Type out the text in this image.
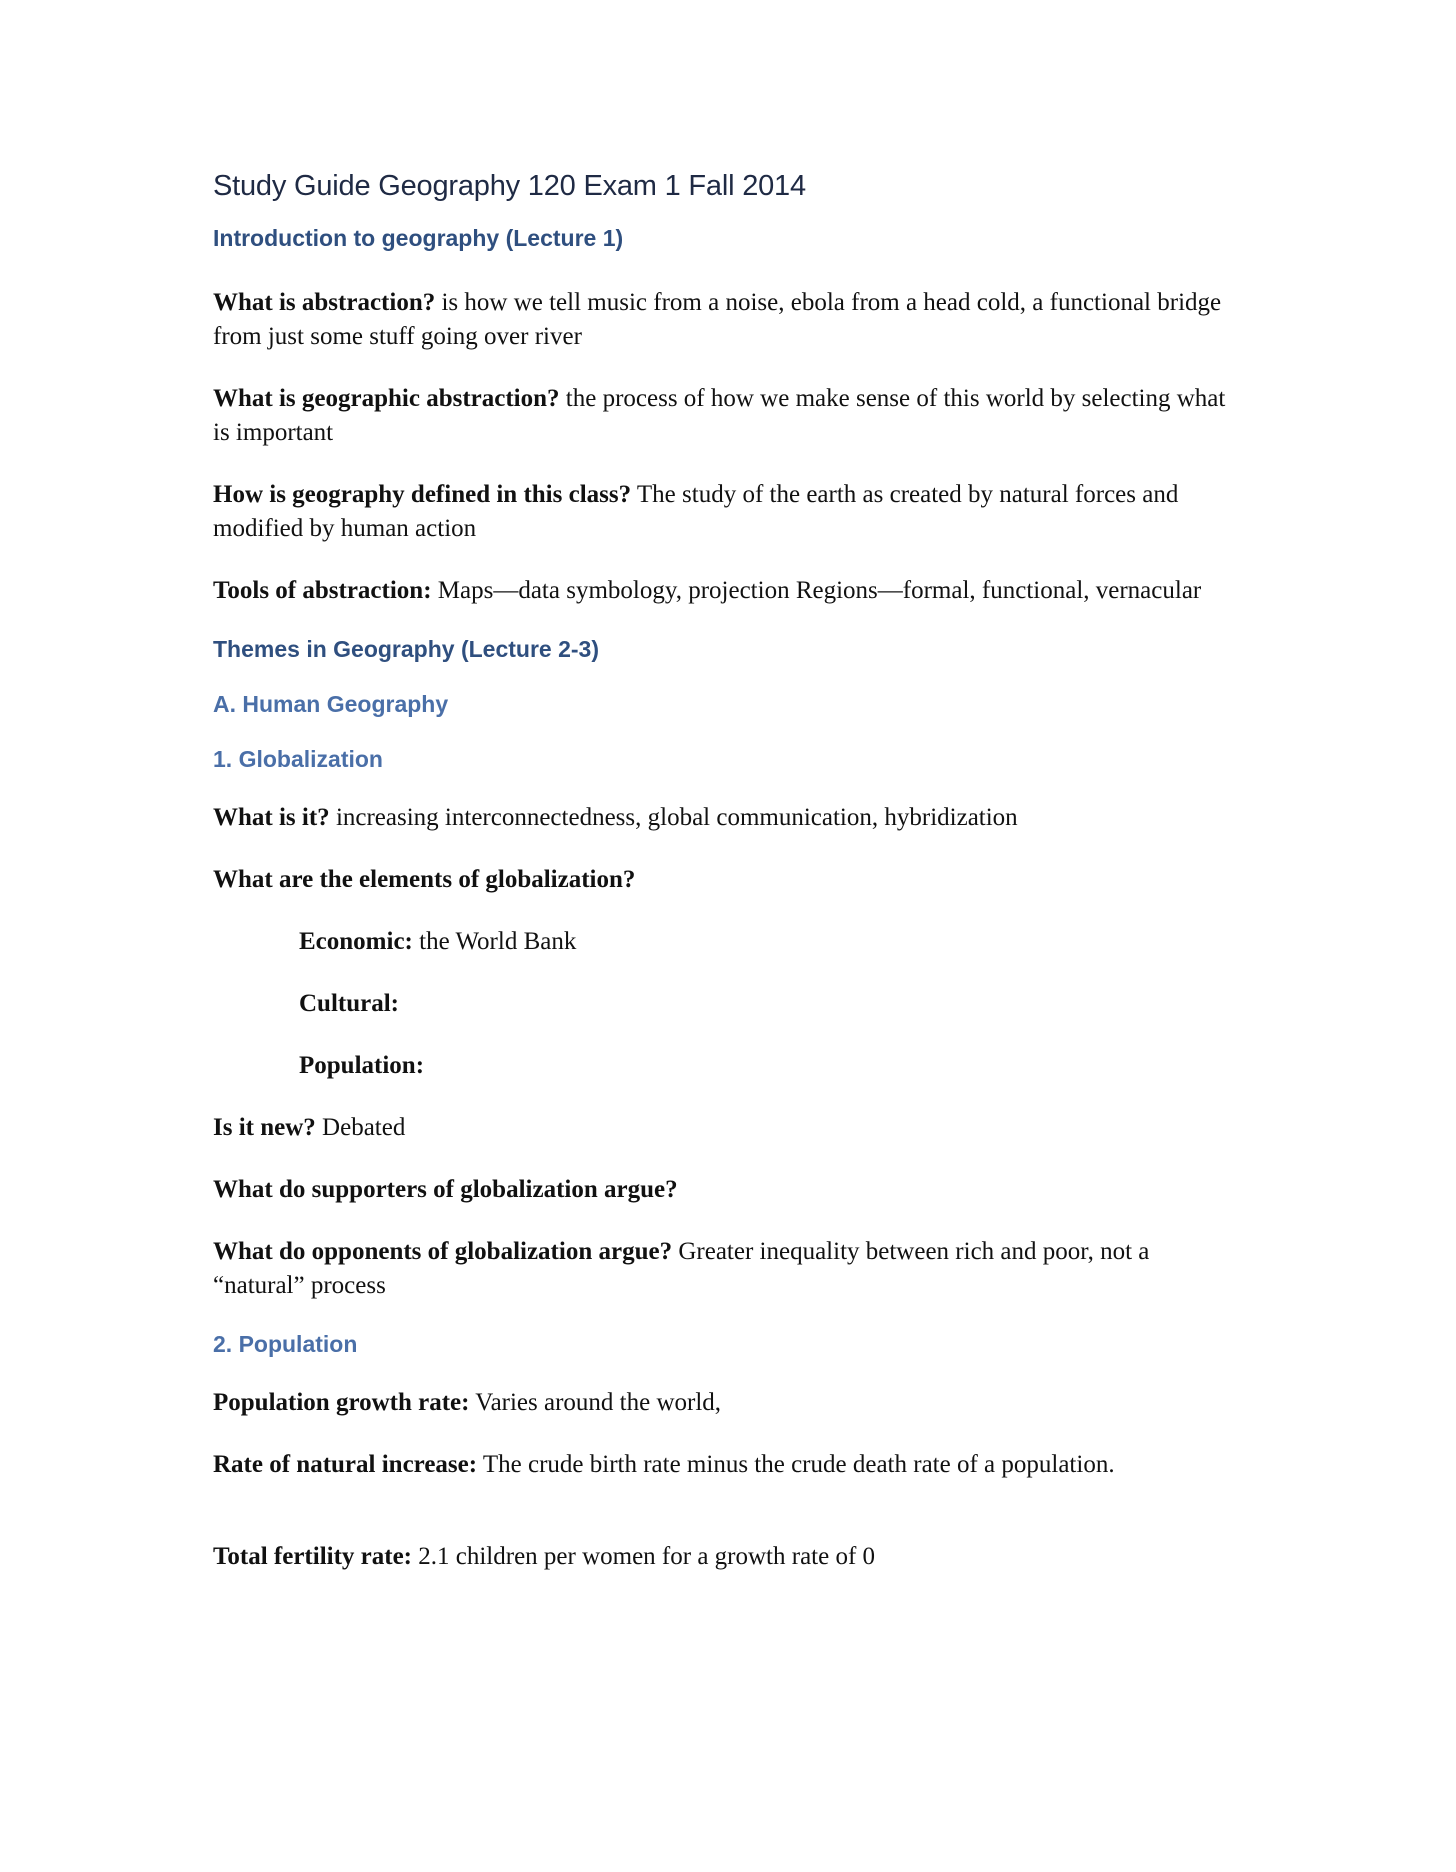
Study Guide Geography 120 Exam 1 Fall 2014
Introduction to geography (Lecture 1)

What is abstraction? is how we tell music from a noise, ebola from a head cold, a functional bridge from just some stuff going over river

What is geographic abstraction? the process of how we make sense of this world by selecting what is important

How is geography defined in this class? The study of the earth as created by natural forces and modified by human action

Tools of abstraction: Maps—data symbology, projection Regions—formal, functional, vernacular

Themes in Geography (Lecture 2-3)
A. Human Geography
1. Globalization

What is it? increasing interconnectedness, global communication, hybridization

What are the elements of globalization?

Economic: the World Bank

Cultural:

Population:

Is it new? Debated

What do supporters of globalization argue?

What do opponents of globalization argue? Greater inequality between rich and poor, not a “natural” process

2. Population

Population growth rate: Varies around the world,

Rate of natural increase: The crude birth rate minus the crude death rate of a population.

Total fertility rate: 2.1 children per women for a growth rate of 0
